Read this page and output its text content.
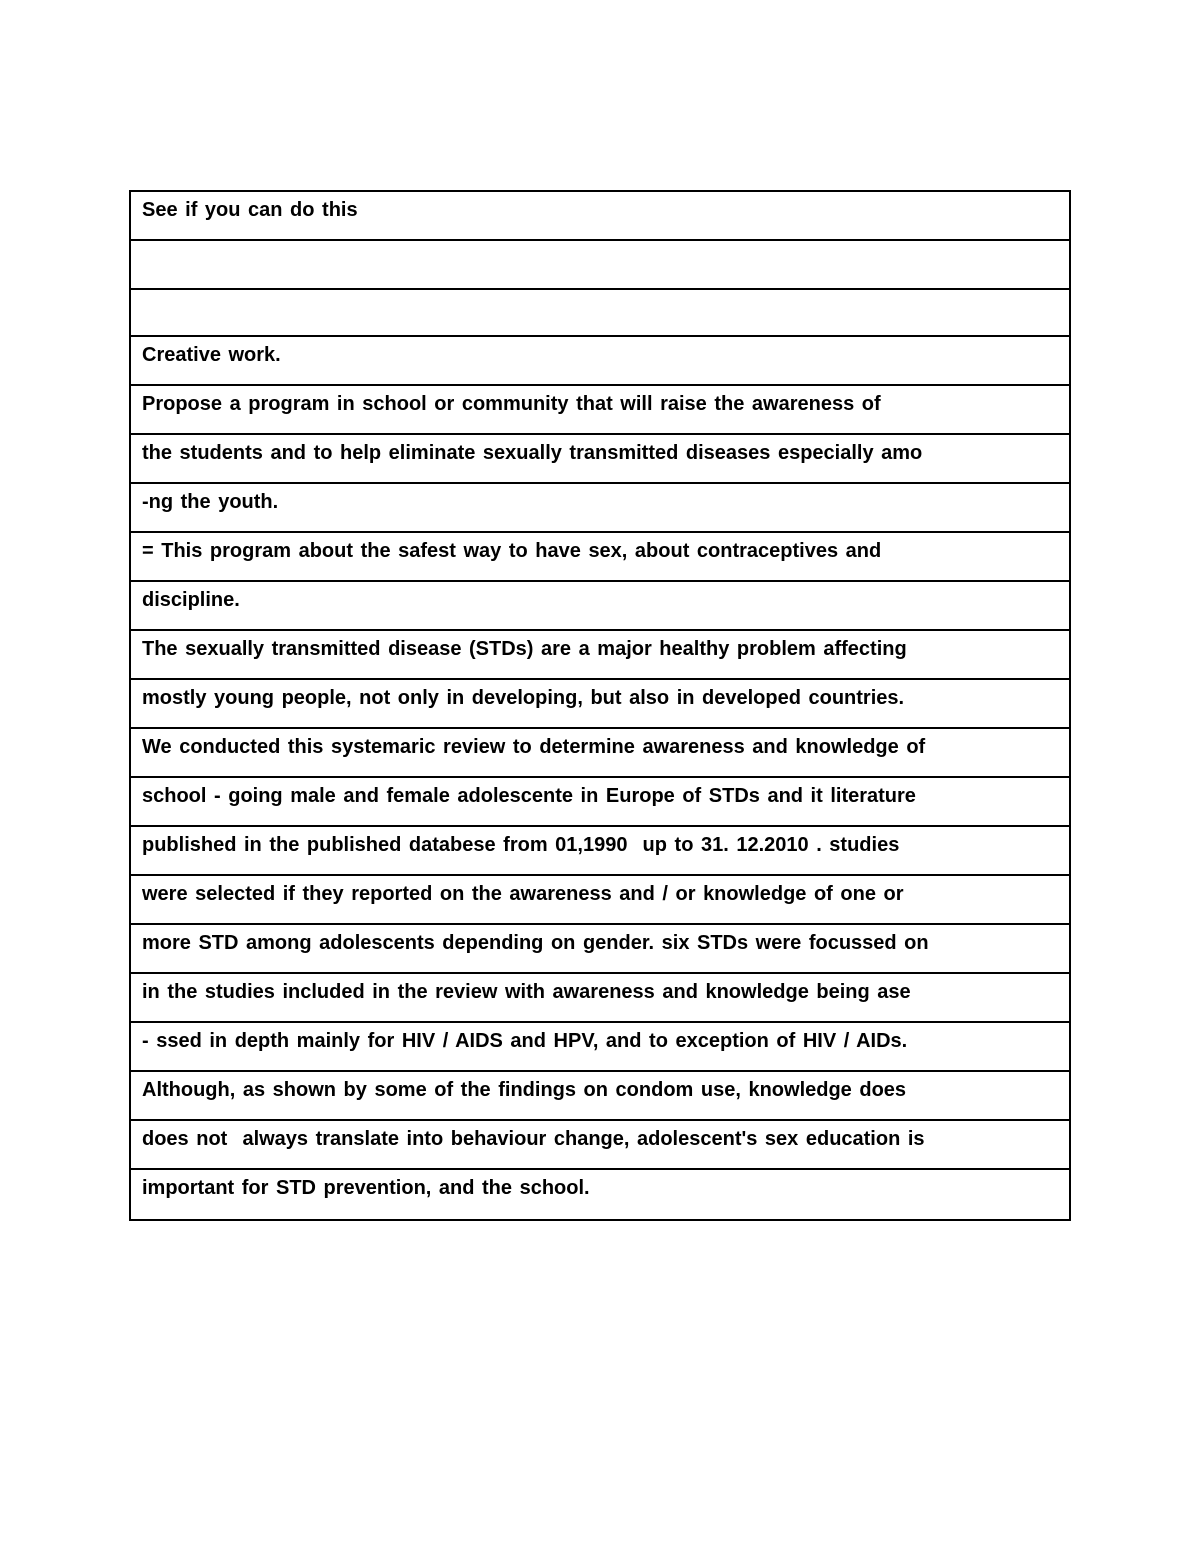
See if you can do this
Creative work.
Propose a program in school or community that will raise the awareness of
the students and to help eliminate sexually transmitted diseases especially amo
-ng the youth.
= This program about the safest way to have sex, about contraceptives and
discipline.
The sexually transmitted disease (STDs) are a major healthy problem affecting
mostly young people, not only in developing, but also in developed countries.
We conducted this systemaric review to determine awareness and knowledge of
school - going male and female adolescente in Europe of STDs and it literature
published in the published databese from 01,1990  up to 31. 12.2010 . studies
were selected if they reported on the awareness and / or knowledge of one or
more STD among adolescents depending on gender. six STDs were focussed on
in the studies included in the review with awareness and knowledge being ase
- ssed in depth mainly for HIV / AIDS and HPV, and to exception of HIV / AIDs.
Although, as shown by some of the findings on condom use, knowledge does
does not  always translate into behaviour change, adolescent's sex education is
important for STD prevention, and the school.
